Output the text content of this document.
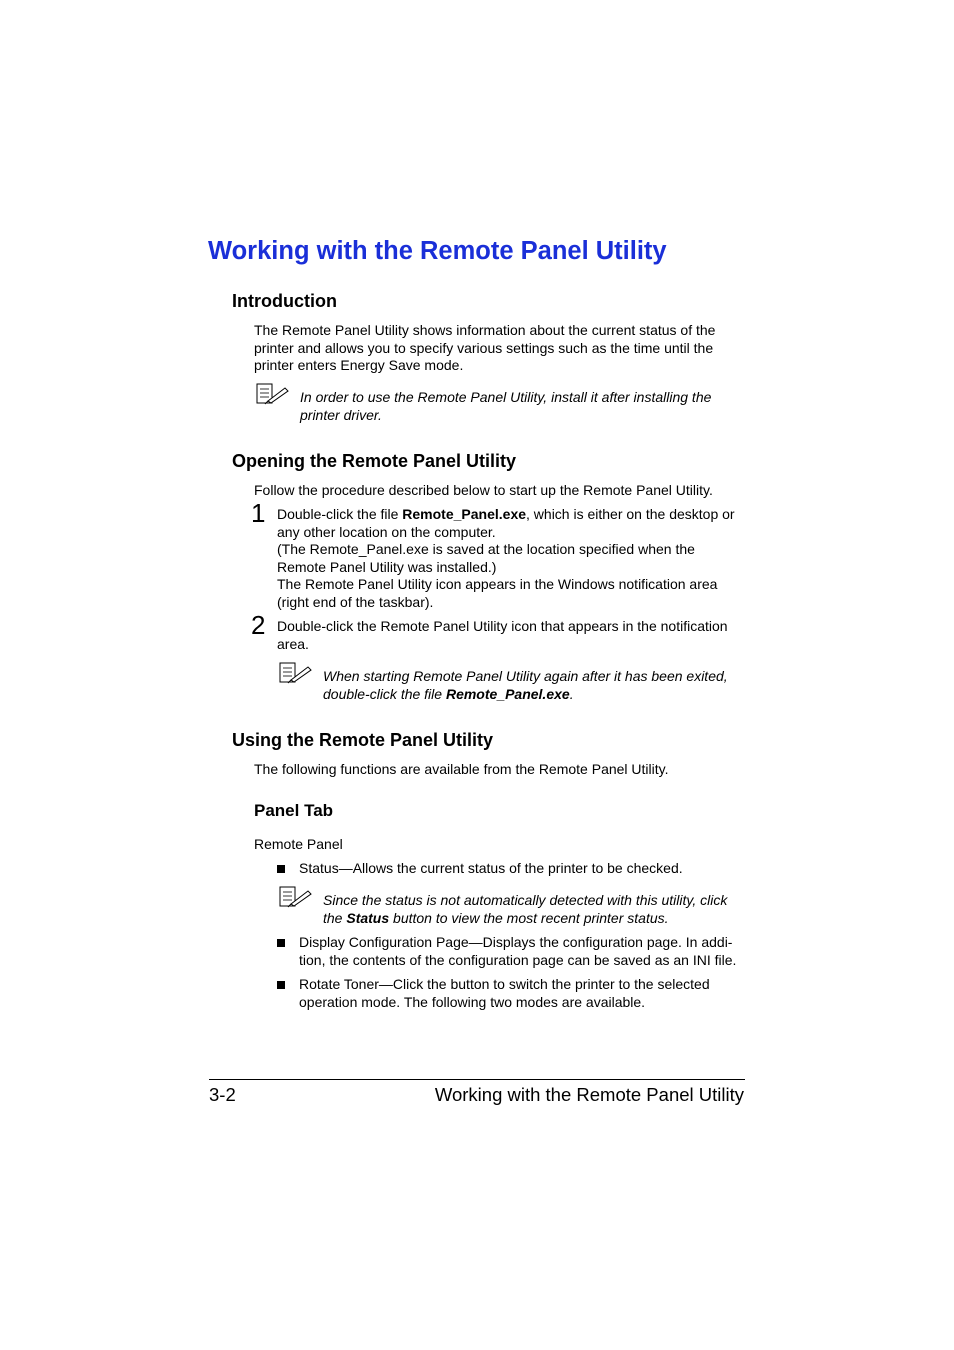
Working with the Remote Panel Utility
Introduction
The Remote Panel Utility shows information about the current status of the printer and allows you to specify various settings such as the time until the printer enters Energy Save mode.
In order to use the Remote Panel Utility, install it after installing the printer driver.
Opening the Remote Panel Utility
Follow the procedure described below to start up the Remote Panel Utility.
1 Double-click the file Remote_Panel.exe, which is either on the desktop or any other location on the computer.
(The Remote_Panel.exe is saved at the location specified when the Remote Panel Utility was installed.)
The Remote Panel Utility icon appears in the Windows notification area (right end of the taskbar).
2 Double-click the Remote Panel Utility icon that appears in the notification area.
When starting Remote Panel Utility again after it has been exited, double-click the file Remote_Panel.exe.
Using the Remote Panel Utility
The following functions are available from the Remote Panel Utility.
Panel Tab
Remote Panel
Status—Allows the current status of the printer to be checked.
Since the status is not automatically detected with this utility, click the Status button to view the most recent printer status.
Display Configuration Page—Displays the configuration page. In addi-tion, the contents of the configuration page can be saved as an INI file.
Rotate Toner—Click the button to switch the printer to the selected operation mode. The following two modes are available.
3-2	Working with the Remote Panel Utility
